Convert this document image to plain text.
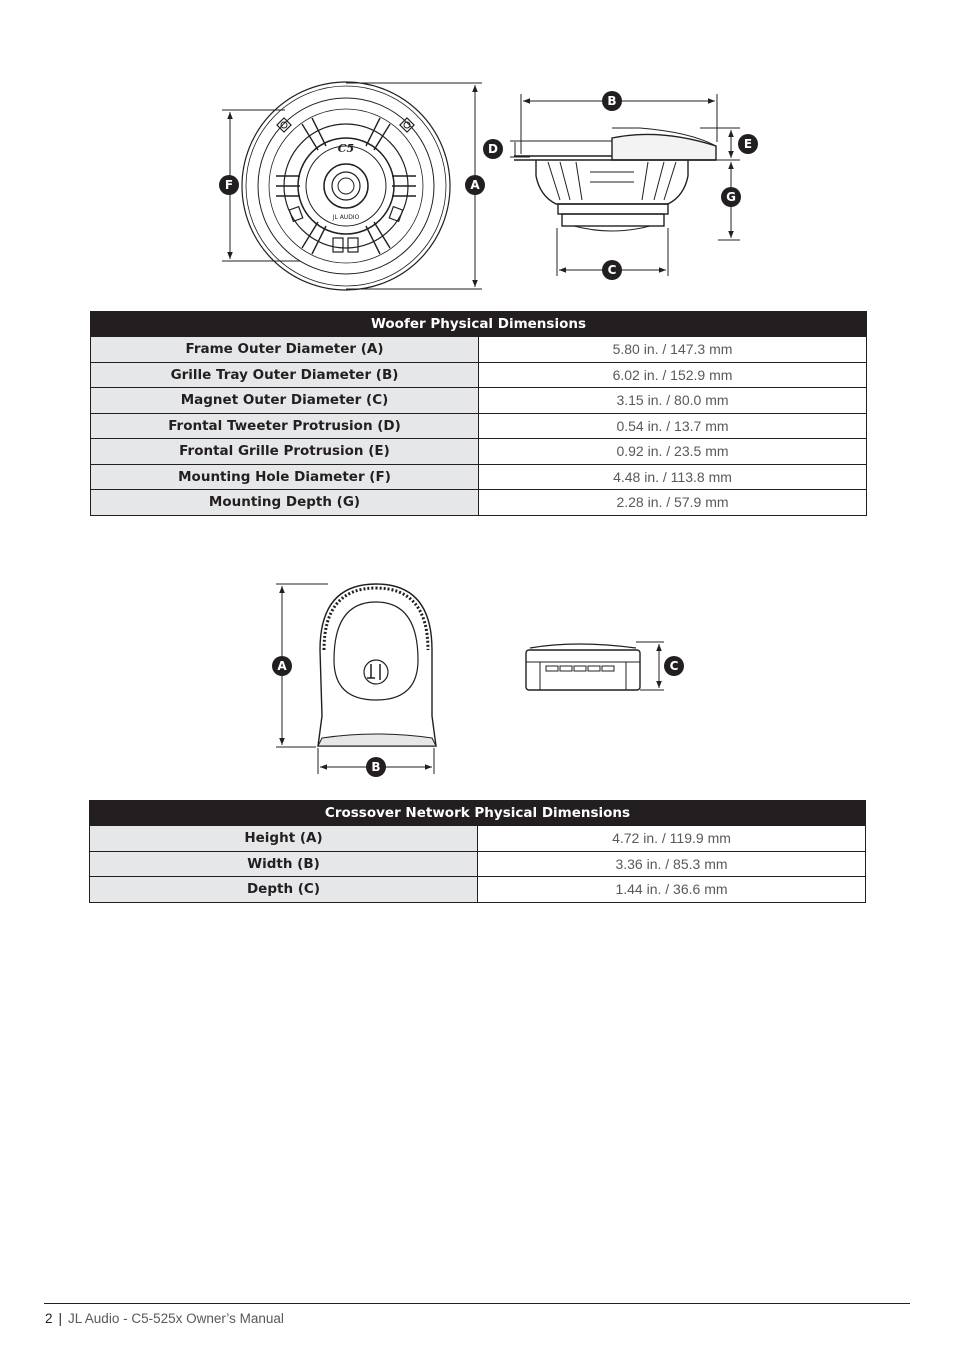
C5
JL AUDIO
F	A
B
D	E
G
C
Woofer Physical Dimensions	
Frame Outer Diameter (A)	5.80 in. / 147.3 mm
Grille Tray Outer Diameter (B)	6.02 in. / 152.9 mm
Magnet Outer Diameter (C)	3.15 in. / 80.0 mm
Frontal Tweeter Protrusion (D)	0.54 in. / 13.7 mm
Frontal Grille Protrusion (E)	0.92 in. / 23.5 mm
Mounting Hole Diameter (F)	4.48 in. / 113.8 mm
Mounting Depth (G)	2.28 in. / 57.9 mm
A
B
C
Crossover Network Physical Dimensions	
Height (A)	4.72 in. / 119.9 mm
Width (B)	3.36 in. / 85.3 mm
Depth (C)	1.44 in. / 36.6 mm
2 | JL Audio - C5-525x Owner’s Manual
